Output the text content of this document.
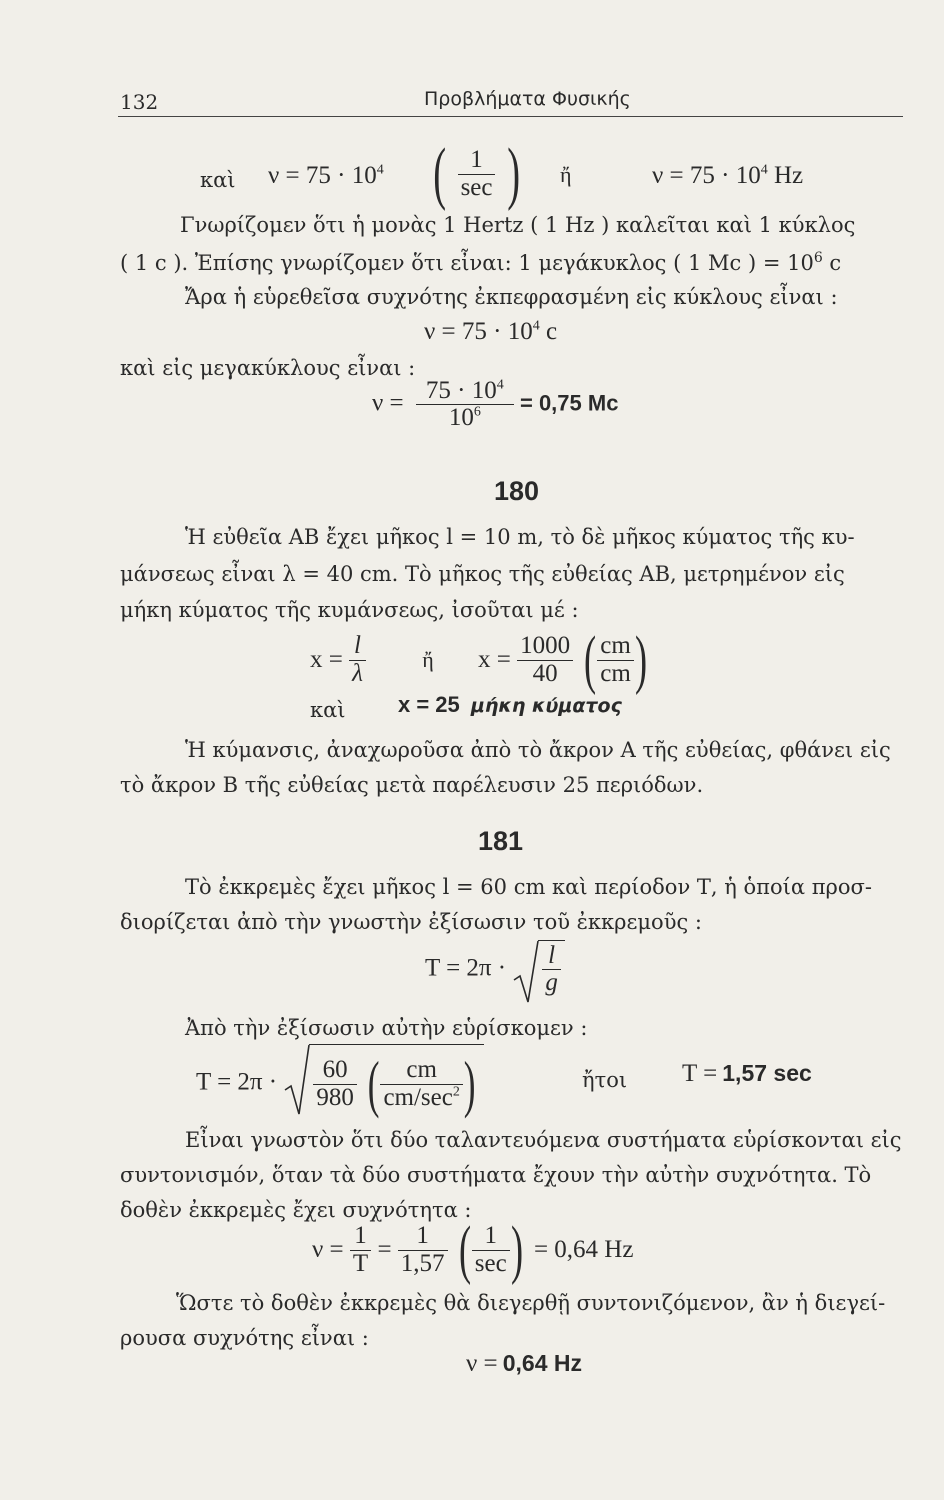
132	Προβλήματα Φυσικής
καὶ $\nu = 75 \cdot 10^4$ ( $\frac{1}{\sec}$ ) ἤ	$\nu = 75 \cdot 10^4$ Hz
Γνωρίζομεν ὅτι ἡ μονὰς 1 Hertz ( 1 Hz ) καλεῖται καὶ 1 κύκλος
( 1 c ). Ἐπίσης γνωρίζομεν ὅτι εἶναι: 1 μεγάκυκλος ( 1 Mc ) = $10^6$ c
Ἄρα ἡ εὑρεθεῖσα συχνότης ἐκπεφρασμένη εἰς κύκλους εἶναι :
$\nu = 75 \cdot 10^4$ c
καὶ εἰς μεγακύκλους εἶναι :
$\nu = \frac{75 \cdot 10^4}{10^6} = 0,75$ Mc
180
Ἡ εὐθεῖα ΑΒ ἔχει μῆκος l = 10 m, τὸ δὲ μῆκος κύματος τῆς κυ-
μάνσεως εἶναι λ = 40 cm. Τὸ μῆκος τῆς εὐθείας ΑΒ, μετρημένον εἰς
μήκη κύματος τῆς κυμάνσεως, ἰσοῦται μέ :
$x = \frac{l}{\lambda}$	ἤ $x = \frac{1000}{40}$ ( $\frac{cm}{cm}$ )
καὶ x = 25 μήκη κύματος
Ἡ κύμανσις, ἀναχωροῦσα ἀπὸ τὸ ἄκρον Α τῆς εὐθείας, φθάνει εἰς
τὸ ἄκρον Β τῆς εὐθείας μετὰ παρέλευσιν 25 περιόδων.
181
Τὸ ἐκκρεμὲς ἔχει μῆκος l = 60 cm καὶ περίοδον Τ, ἡ ὁποία προσ-
διορίζεται ἀπὸ τὴν γνωστὴν ἐξίσωσιν τοῦ ἐκκρεμοῦς :
$T = 2\pi \cdot \frac{l}{g}$
Ἀπὸ τὴν ἐξίσωσιν αὐτὴν εὑρίσκομεν :
$T = 2\pi \cdot \frac{60}{980}$ ( $\frac{cm}{cm/\sec^2}$ )	ἤτοι T = 1,57 sec
Εἶναι γνωστὸν ὅτι δύο ταλαντευόμενα συστήματα εὑρίσκονται εἰς
συντονισμόν, ὅταν τὰ δύο συστήματα ἔχουν τὴν αὐτὴν συχνότητα. Τὸ
δοθὲν ἐκκρεμὲς ἔχει συχνότητα :
$\nu = \frac{1}{T} = \frac{1}{1,57}$ ( $\frac{1}{\sec}$ ) = 0,64 Hz
Ὥστε τὸ δοθὲν ἐκκρεμὲς θὰ διεγερθῇ συντονιζόμενον, ἂν ἡ διεγεί-
ρουσα συχνότης εἶναι :
ν = 0,64 Hz
